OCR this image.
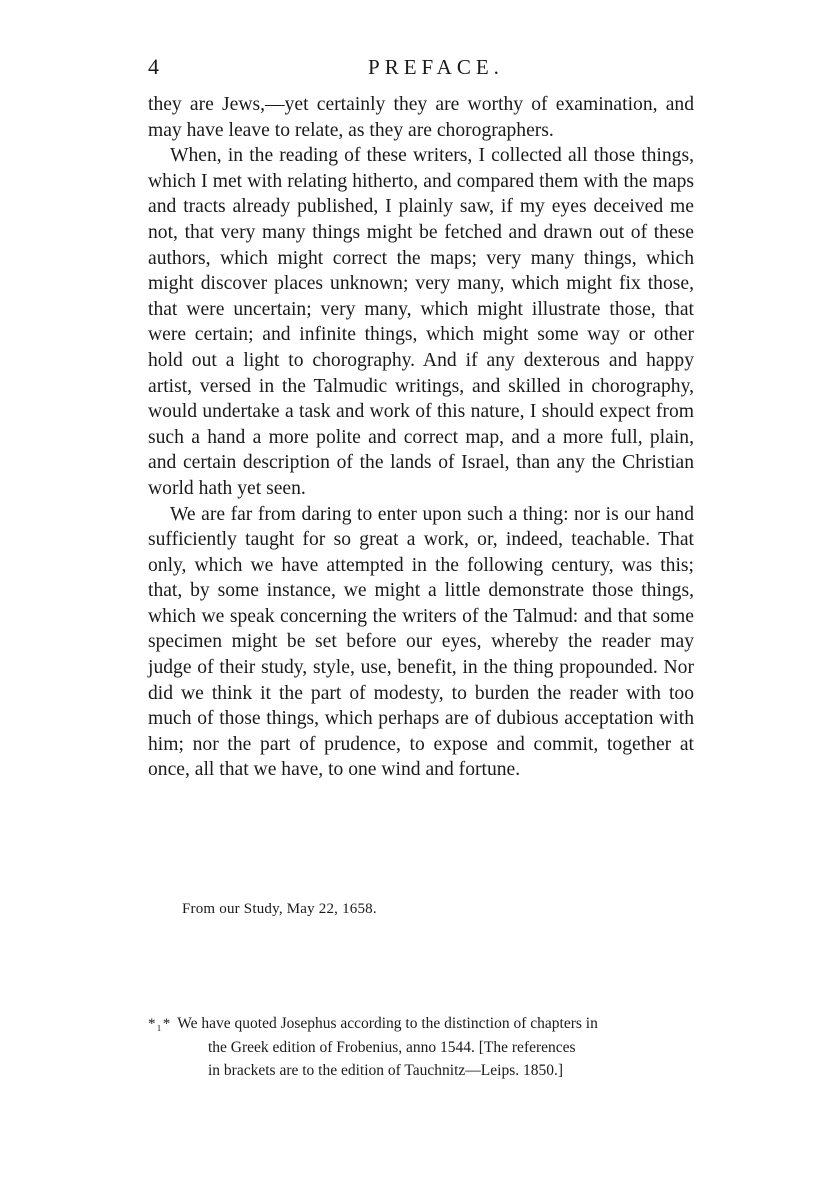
4	PREFACE.

they are Jews,—yet certainly they are worthy of examination, and may have leave to relate, as they are chorographers.

When, in the reading of these writers, I collected all those things, which I met with relating hitherto, and compared them with the maps and tracts already published, I plainly saw, if my eyes deceived me not, that very many things might be fetched and drawn out of these authors, which might correct the maps; very many things, which might discover places unknown; very many, which might fix those, that were uncertain; very many, which might illustrate those, that were certain; and infinite things, which might some way or other hold out a light to chorography. And if any dexterous and happy artist, versed in the Talmudic writings, and skilled in chorography, would undertake a task and work of this nature, I should expect from such a hand a more polite and correct map, and a more full, plain, and certain description of the lands of Israel, than any the Christian world hath yet seen.

We are far from daring to enter upon such a thing: nor is our hand sufficiently taught for so great a work, or, indeed, teachable. That only, which we have attempted in the following century, was this; that, by some instance, we might a little demonstrate those things, which we speak concerning the writers of the Talmud: and that some specimen might be set before our eyes, whereby the reader may judge of their study, style, use, benefit, in the thing propounded. Nor did we think it the part of modesty, to burden the reader with too much of those things, which perhaps are of dubious acceptation with him; nor the part of prudence, to expose and commit, together at once, all that we have, to one wind and fortune.

From our Study, May 22, 1658.
*₁* We have quoted Josephus according to the distinction of chapters in
the Greek edition of Frobenius, anno 1544. [The references
in brackets are to the edition of Tauchnitz—Leips. 1850.]
